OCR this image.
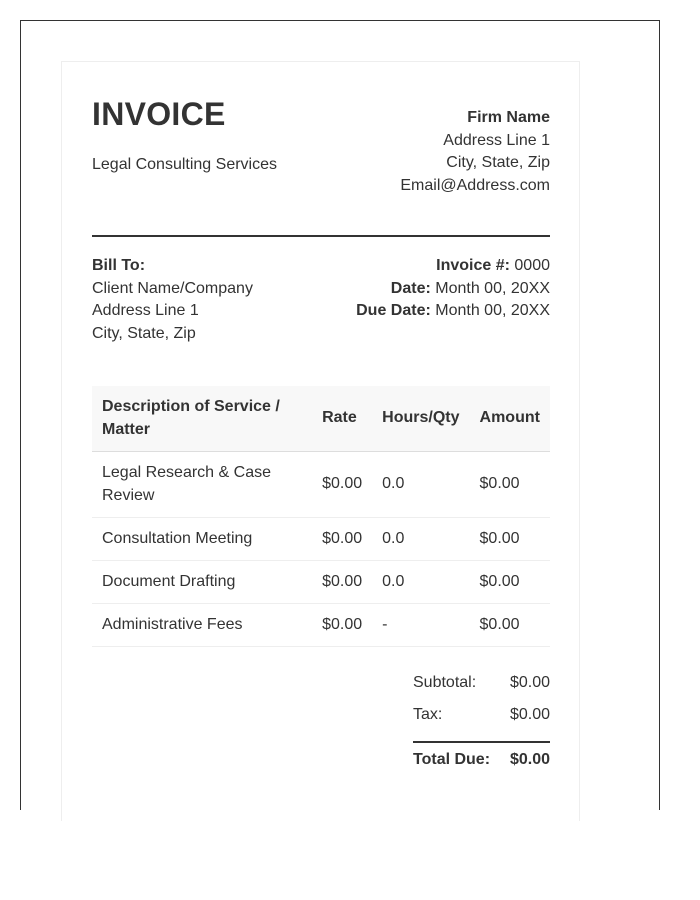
INVOICE
Legal Consulting Services
Firm Name
Address Line 1
City, State, Zip
Email@Address.com
Bill To:
Client Name/Company
Address Line 1
City, State, Zip
Invoice #: 0000
Date: Month 00, 20XX
Due Date: Month 00, 20XX
Description of Service / Matter	Rate	Hours/Qty	Amount
Legal Research & Case Review	$0.00	0.0	$0.00
Consultation Meeting	$0.00	0.0	$0.00
Document Drafting	$0.00	0.0	$0.00
Administrative Fees	$0.00	-	$0.00
Subtotal: $0.00
Tax:	$0.00
Total Due: $0.00
